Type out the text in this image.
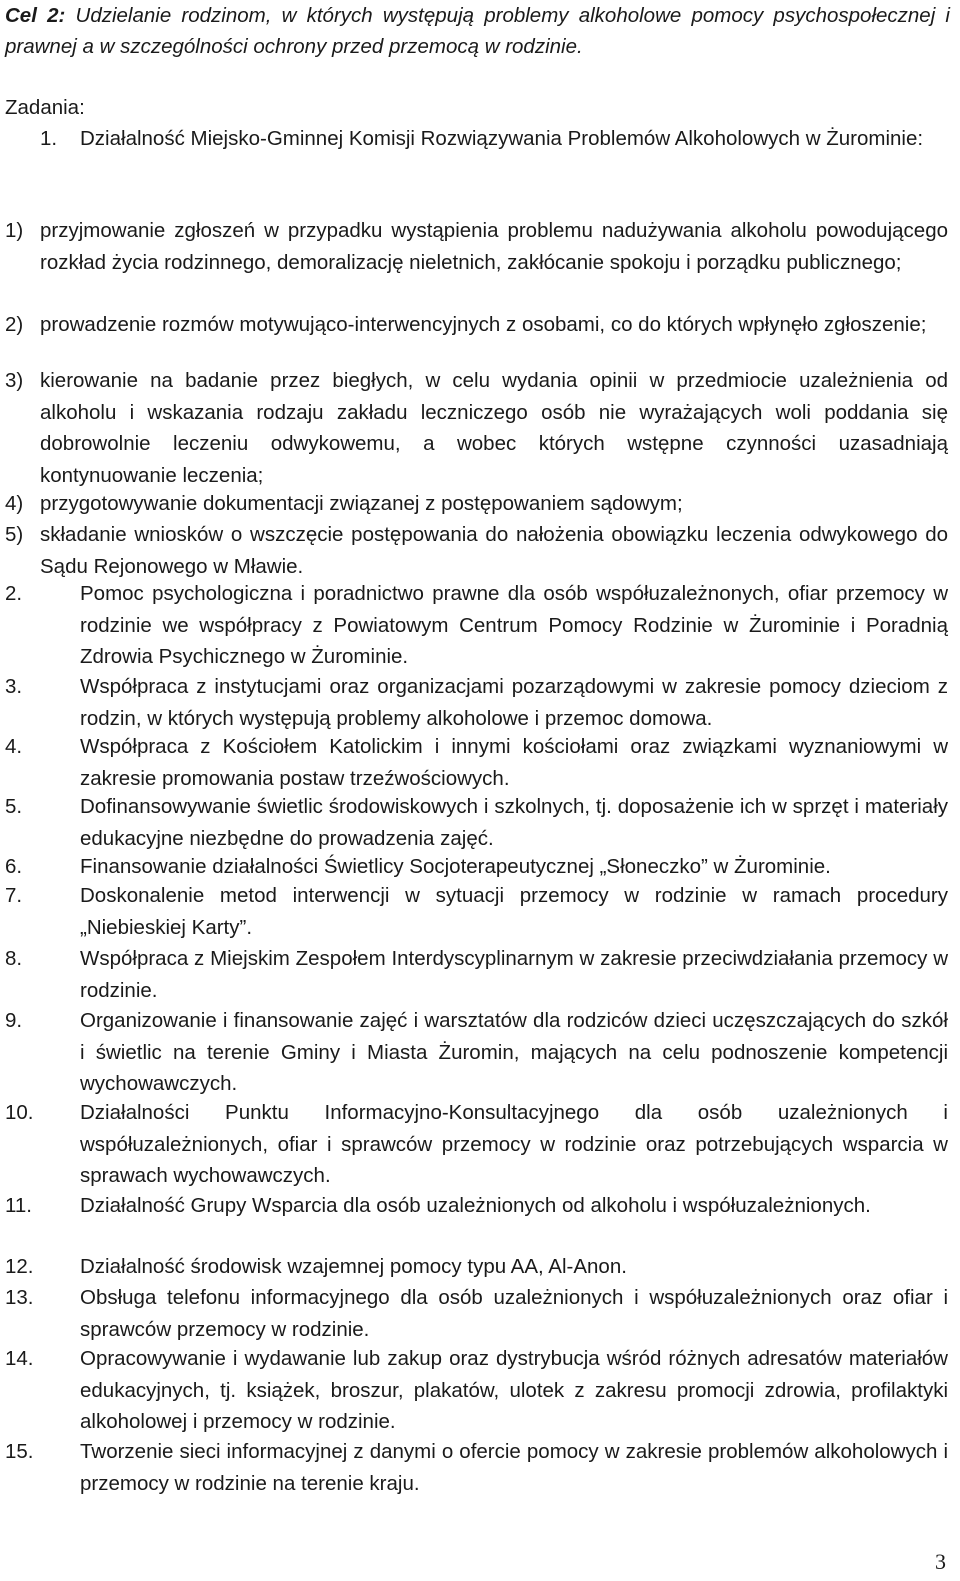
Cel 2: Udzielanie rodzinom, w których występują problemy alkoholowe pomocy psychospołecznej i prawnej a w szczególności ochrony przed przemocą w rodzinie.
Zadania:
1. Działalność Miejsko-Gminnej Komisji Rozwiązywania Problemów Alkoholowych w Żurominie:
1) przyjmowanie zgłoszeń w przypadku wystąpienia problemu nadużywania alkoholu powodującego rozkład życia rodzinnego, demoralizację nieletnich, zakłócanie spokoju i porządku publicznego;
2) prowadzenie rozmów motywująco-interwencyjnych z osobami, co do których wpłynęło zgłoszenie;
3) kierowanie na badanie przez biegłych, w celu wydania opinii w przedmiocie uzależnienia od alkoholu i wskazania rodzaju zakładu leczniczego osób nie wyrażających woli poddania się dobrowolnie leczeniu odwykowemu, a wobec których wstępne czynności uzasadniają kontynuowanie leczenia;
4) przygotowywanie dokumentacji związanej z postępowaniem sądowym;
5) składanie wniosków o wszczęcie postępowania do nałożenia obowiązku leczenia odwykowego do Sądu Rejonowego w Mławie.
2.	Pomoc psychologiczna i poradnictwo prawne dla osób współuzależnonych, ofiar przemocy w rodzinie we współpracy z Powiatowym Centrum Pomocy Rodzinie w Żurominie i Poradnią Zdrowia Psychicznego w Żurominie.
3.	Współpraca z instytucjami oraz organizacjami pozarządowymi w zakresie pomocy dzieciom z rodzin, w których występują problemy alkoholowe i przemoc domowa.
4.	Współpraca z Kościołem Katolickim i innymi kościołami oraz związkami wyznaniowymi w zakresie promowania postaw trzeźwościowych.
5.	Dofinansowywanie świetlic środowiskowych i szkolnych, tj. doposażenie ich w sprzęt i materiały edukacyjne niezbędne do prowadzenia zajęć.
6.	Finansowanie działalności Świetlicy Socjoterapeutycznej „Słoneczko” w Żurominie.
7.	Doskonalenie metod interwencji w sytuacji przemocy w rodzinie w ramach procedury „Niebieskiej Karty”.
8.	Współpraca z Miejskim Zespołem Interdyscyplinarnym w zakresie przeciwdziałania przemocy w rodzinie.
9.	Organizowanie i finansowanie zajęć i warsztatów dla rodziców dzieci uczęszczających do szkół i świetlic na terenie Gminy i Miasta Żuromin, mających na celu podnoszenie kompetencji wychowawczych.
10. Działalności Punktu Informacyjno-Konsultacyjnego dla osób uzależnionych i współuzależnionych, ofiar i sprawców przemocy w rodzinie oraz potrzebujących wsparcia w sprawach wychowawczych.
11. Działalność Grupy Wsparcia dla osób uzależnionych od alkoholu i współuzależnionych.
12. Działalność środowisk wzajemnej pomocy typu AA, Al-Anon.
13. Obsługa telefonu informacyjnego dla osób uzależnionych i współuzależnionych oraz ofiar i sprawców przemocy w rodzinie.
14. Opracowywanie i wydawanie lub zakup oraz dystrybucja wśród różnych adresatów materiałów edukacyjnych, tj. książek, broszur, plakatów, ulotek z zakresu promocji zdrowia, profilaktyki alkoholowej i przemocy w rodzinie.
15. Tworzenie sieci informacyjnej z danymi o ofercie pomocy w zakresie problemów alkoholowych i przemocy w rodzinie na terenie kraju.
3
